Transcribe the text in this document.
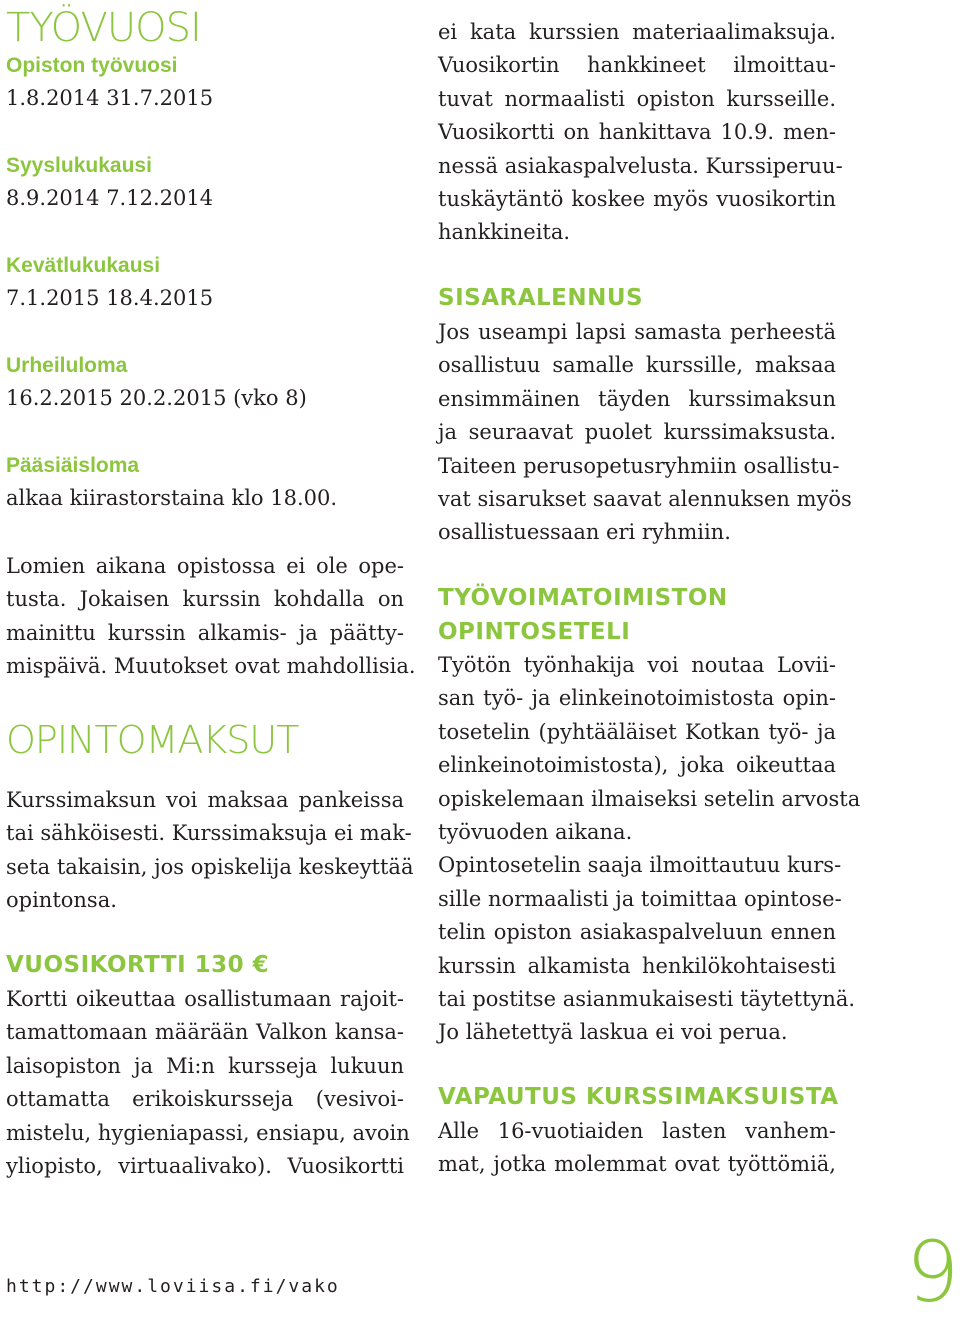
TYÖVUOSI
Opiston työvuosi
1.8.2014 31.7.2015
Syyslukukausi
8.9.2014 7.12.2014
Kevätlukukausi
7.1.2015 18.4.2015
Urheiluloma
16.2.2015 20.2.2015 (vko 8)
Pääsiäisloma
alkaa kiirastorstaina klo 18.00.
Lomien aikana opistossa ei ole ope-
tusta. Jokaisen kurssin kohdalla on
mainittu kurssin alkamis- ja päätty-
mispäivä. Muutokset ovat mahdollisia.
OPINTOMAKSUT
Kurssimaksun voi maksaa pankeissa
tai sähköisesti. Kurssimaksuja ei mak-
seta takaisin, jos opiskelija keskeyttää
opintonsa.
VUOSIKORTTI 130 €
Kortti oikeuttaa osallistumaan rajoit-
tamattomaan määrään Valkon kansa-
laisopiston ja Mi:n kursseja lukuun
ottamatta erikoiskursseja (vesivoi-
mistelu, hygieniapassi, ensiapu, avoin
yliopisto, virtuaalivako). Vuosikortti
ei kata kurssien materiaalimaksuja.
Vuosikortin hankkineet ilmoittau-
tuvat normaalisti opiston kursseille.
Vuosikortti on hankittava 10.9. men-
nessä asiakaspalvelusta. Kurssiperuu-
tuskäytäntö koskee myös vuosikortin
hankkineita.
SISARALENNUS
Jos useampi lapsi samasta perheestä
osallistuu samalle kurssille, maksaa
ensimmäinen täyden kurssimaksun
ja seuraavat puolet kurssimaksusta.
Taiteen perusopetusryhmiin osallistu-
vat sisarukset saavat alennuksen myös
osallistuessaan eri ryhmiin.
TYÖVOIMATOIMISTON
OPINTOSETELI
Työtön työnhakija voi noutaa Lovii-
san työ- ja elinkeinotoimistosta opin-
tosetelin (pyhtääläiset Kotkan työ- ja
elinkeinotoimistosta), joka oikeuttaa
opiskelemaan ilmaiseksi setelin arvosta
työvuoden aikana.
Opintosetelin saaja ilmoittautuu kurs-
sille normaalisti ja toimittaa opintose-
telin opiston asiakaspalveluun ennen
kurssin alkamista henkilökohtaisesti
tai postitse asianmukaisesti täytettynä.
Jo lähetettyä laskua ei voi perua.
VAPAUTUS KURSSIMAKSUISTA
Alle 16-vuotiaiden lasten vanhem-
mat, jotka molemmat ovat työttömiä,
http://www.loviisa.fi/vako	9
